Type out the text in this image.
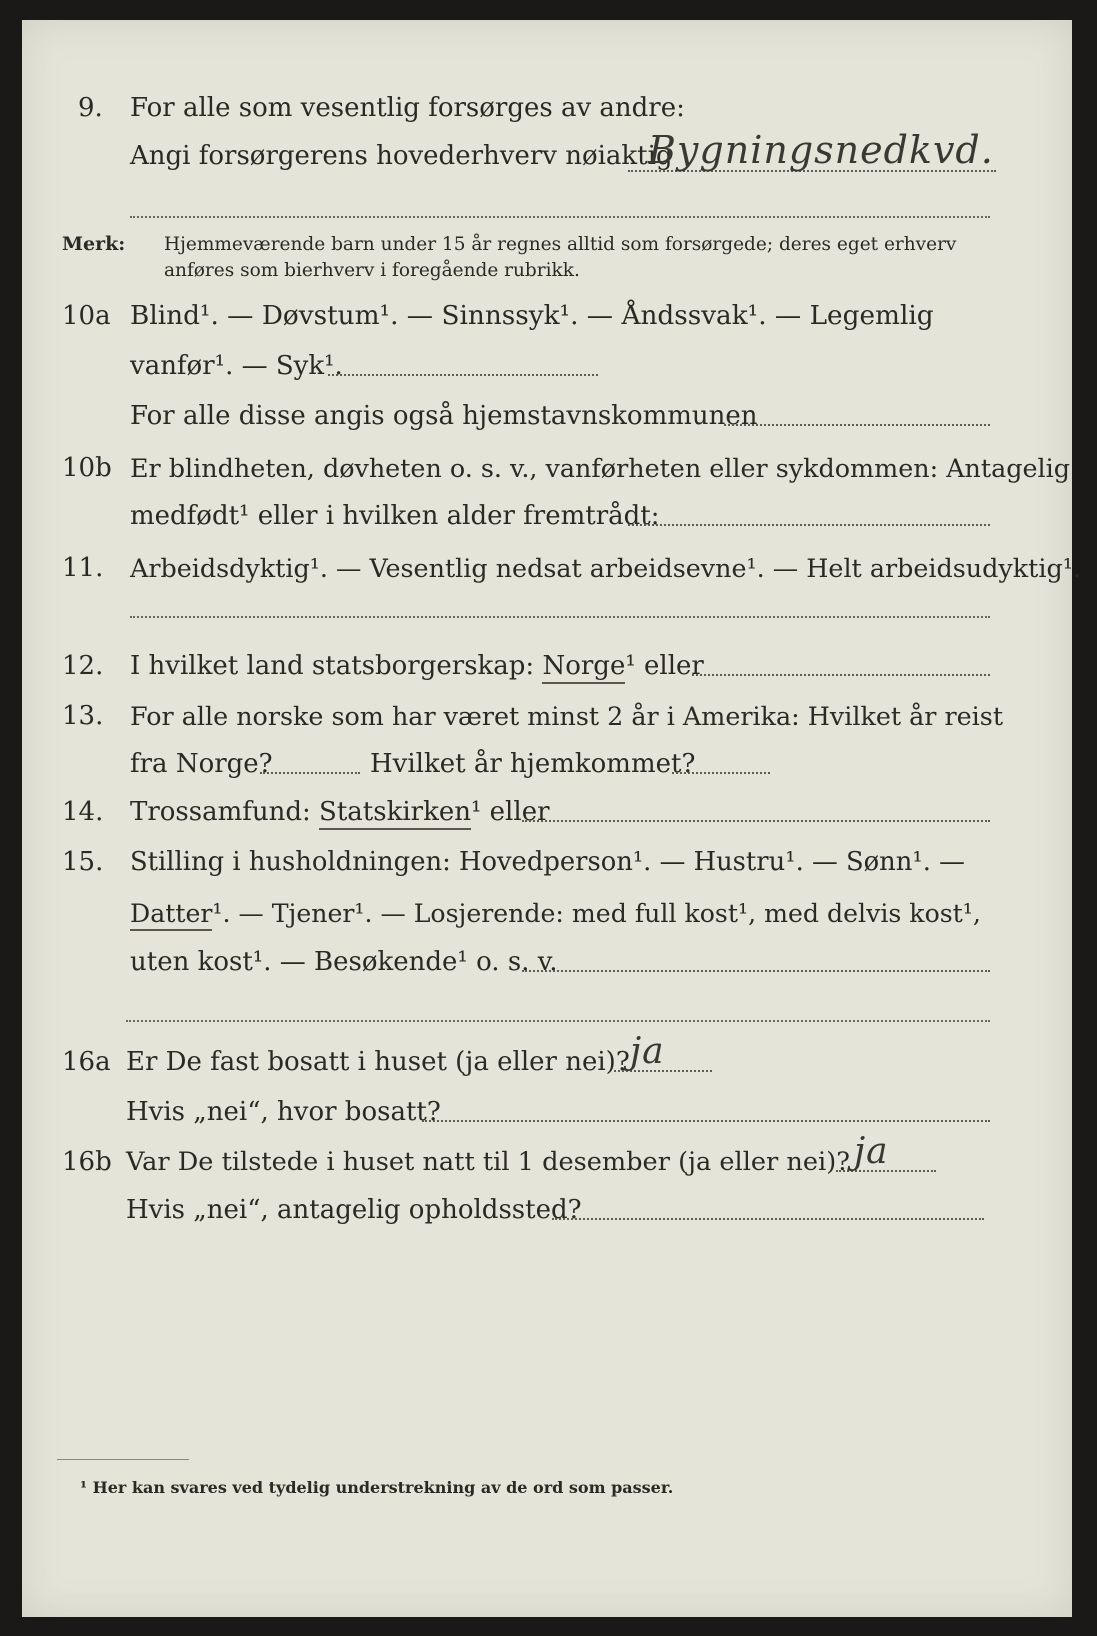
9. For alle som vesentlig forsørges av andre:
Angi forsørgerens hovederhverv nøiaktig
Bygningsnedkvd.
Merk: Hjemmeværende barn under 15 år regnes alltid som forsørgede; deres eget erhverv
anføres som bierhverv i foregående rubrikk.
10a Blind¹. — Døvstum¹. — Sinnssyk¹. — Åndssvak¹. — Legemlig
vanfør¹. — Syk¹.
For alle disse angis også hjemstavnskommunen
10b Er blindheten, døvheten o. s. v., vanførheten eller sykdommen: Antagelig
medfødt¹ eller i hvilken alder fremtrådt:
11. Arbeidsdyktig¹. — Vesentlig nedsat arbeidsevne¹. — Helt arbeidsudyktig¹.
12. I hvilket land statsborgerskap: Norge¹ eller
13. For alle norske som har været minst 2 år i Amerika: Hvilket år reist
fra Norge?	Hvilket år hjemkommet?
14. Trossamfund: Statskirken¹ eller
15. Stilling i husholdningen: Hovedperson¹. — Hustru¹. — Sønn¹. —
Datter¹. — Tjener¹. — Losjerende: med full kost¹, med delvis kost¹,
uten kost¹. — Besøkende¹ o. s. v.
16a Er De fast bosatt i huset (ja eller nei)? ja
Hvis „nei“, hvor bosatt?
16b Var De tilstede i huset natt til 1 desember (ja eller nei)? ja
Hvis „nei“, antagelig opholdssted?
¹ Her kan svares ved tydelig understrekning av de ord som passer.
